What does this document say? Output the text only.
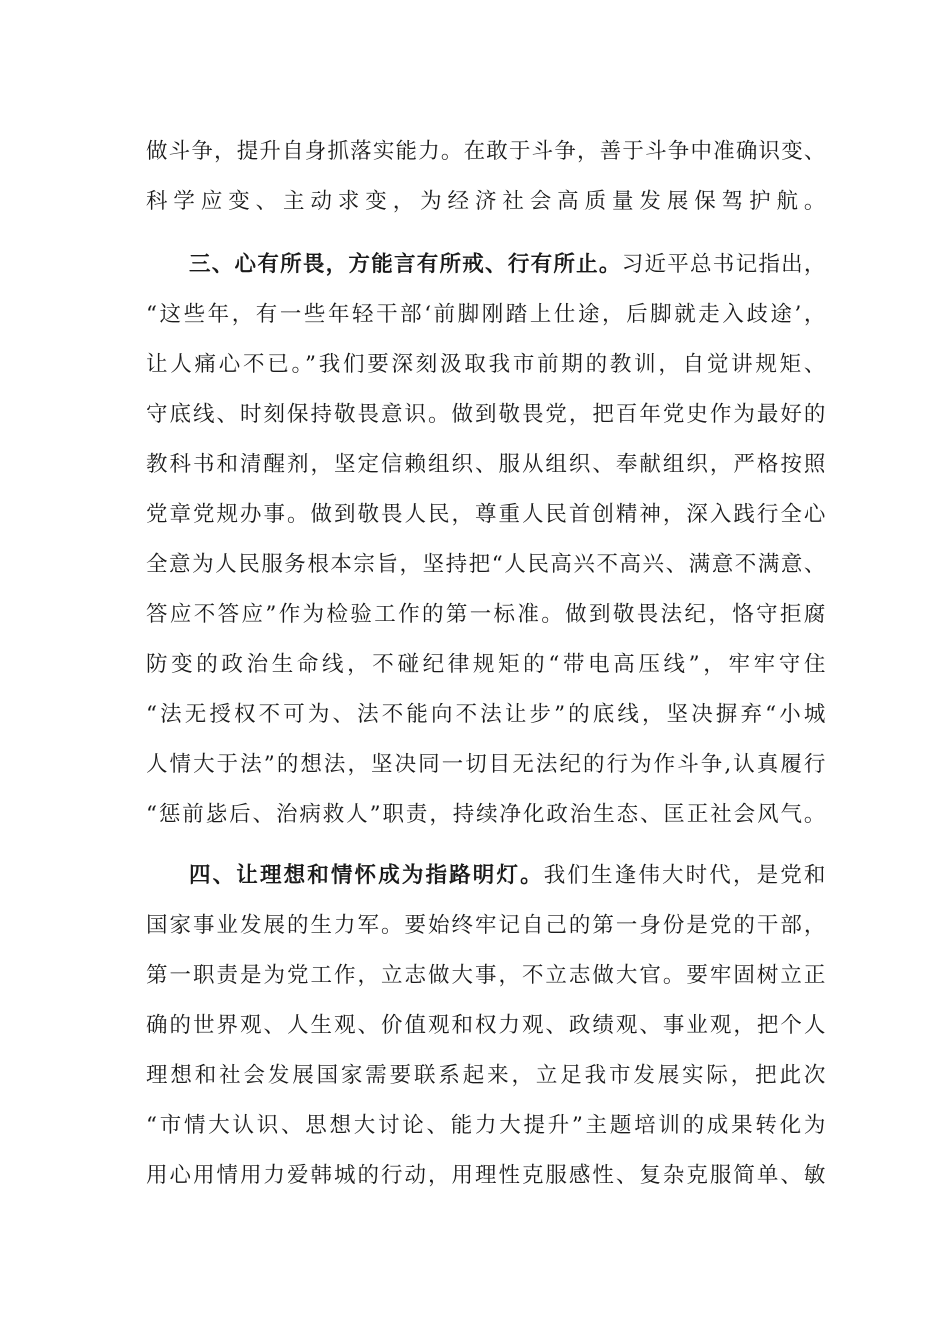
做斗争，提升自身抓落实能力。在敢于斗争，善于斗争中准确识变、
科学应变、主动求变，为经济社会高质量发展保驾护航。
三、心有所畏，方能言有所戒、行有所止。习近平总书记指出，
“这些年，有一些年轻干部‘前脚刚踏上仕途，后脚就走入歧途’，
让人痛心不已。”我们要深刻汲取我市前期的教训，自觉讲规矩、
守底线、时刻保持敬畏意识。做到敬畏党，把百年党史作为最好的
教科书和清醒剂，坚定信赖组织、服从组织、奉献组织，严格按照
党章党规办事。做到敬畏人民，尊重人民首创精神，深入践行全心
全意为人民服务根本宗旨，坚持把“人民高兴不高兴、满意不满意、
答应不答应”作为检验工作的第一标准。做到敬畏法纪，恪守拒腐
防变的政治生命线，不碰纪律规矩的“带电高压线”，牢牢守住
“法无授权不可为、法不能向不法让步”的底线，坚决摒弃“小城
人情大于法”的想法，坚决同一切目无法纪的行为作斗争,认真履行
“惩前毖后、治病救人”职责，持续净化政治生态、匡正社会风气。
四、让理想和情怀成为指路明灯。我们生逢伟大时代，是党和
国家事业发展的生力军。要始终牢记自己的第一身份是党的干部，
第一职责是为党工作，立志做大事，不立志做大官。要牢固树立正
确的世界观、人生观、价值观和权力观、政绩观、事业观，把个人
理想和社会发展国家需要联系起来，立足我市发展实际，把此次
“市情大认识、思想大讨论、能力大提升”主题培训的成果转化为
用心用情用力爱韩城的行动，用理性克服感性、复杂克服简单、敏
